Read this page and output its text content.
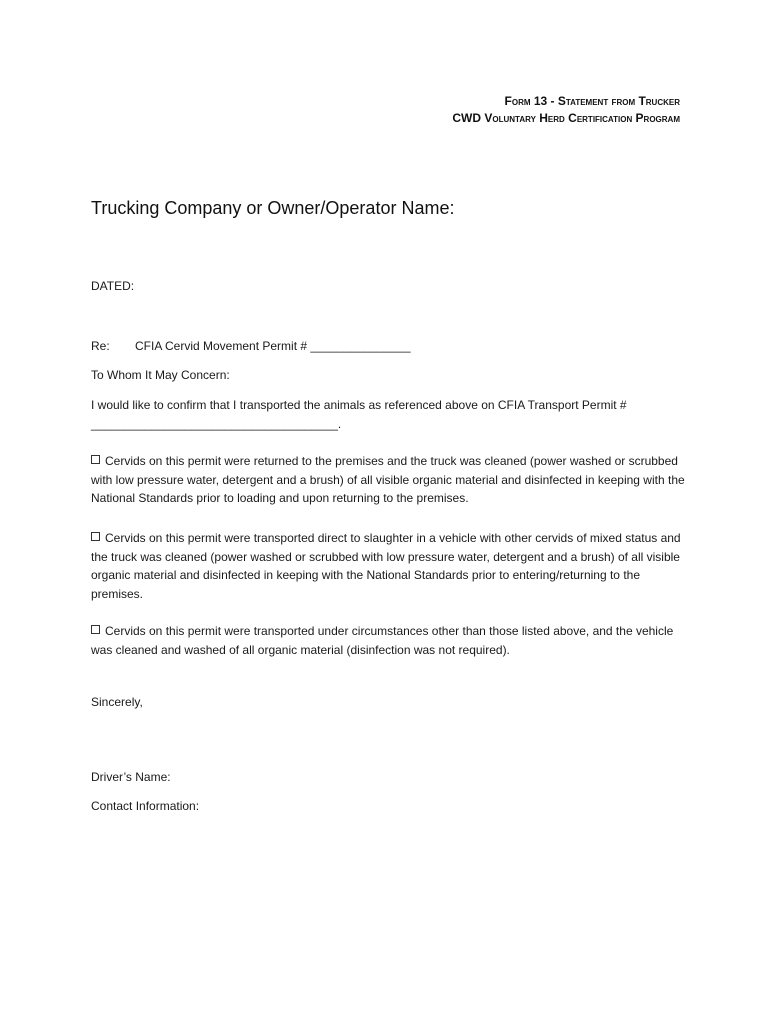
Form 13 - Statement from Trucker
CWD Voluntary Herd Certification Program
Trucking Company or Owner/Operator Name:
DATED:
Re: CFIA Cervid Movement Permit # _______________
To Whom It May Concern:
I would like to confirm that I transported the animals as referenced above on CFIA Transport Permit #
_____________________________________.
Cervids on this permit were returned to the premises and the truck was cleaned (power washed or scrubbed with low pressure water, detergent and a brush) of all visible organic material and disinfected in keeping with the National Standards prior to loading and upon returning to the premises.
Cervids on this permit were transported direct to slaughter in a vehicle with other cervids of mixed status and the truck was cleaned (power washed or scrubbed with low pressure water, detergent and a brush) of all visible organic material and disinfected in keeping with the National Standards prior to entering/returning to the premises.
Cervids on this permit were transported under circumstances other than those listed above, and the vehicle was cleaned and washed of all organic material (disinfection was not required).
Sincerely,
Driver’s Name:
Contact Information:
